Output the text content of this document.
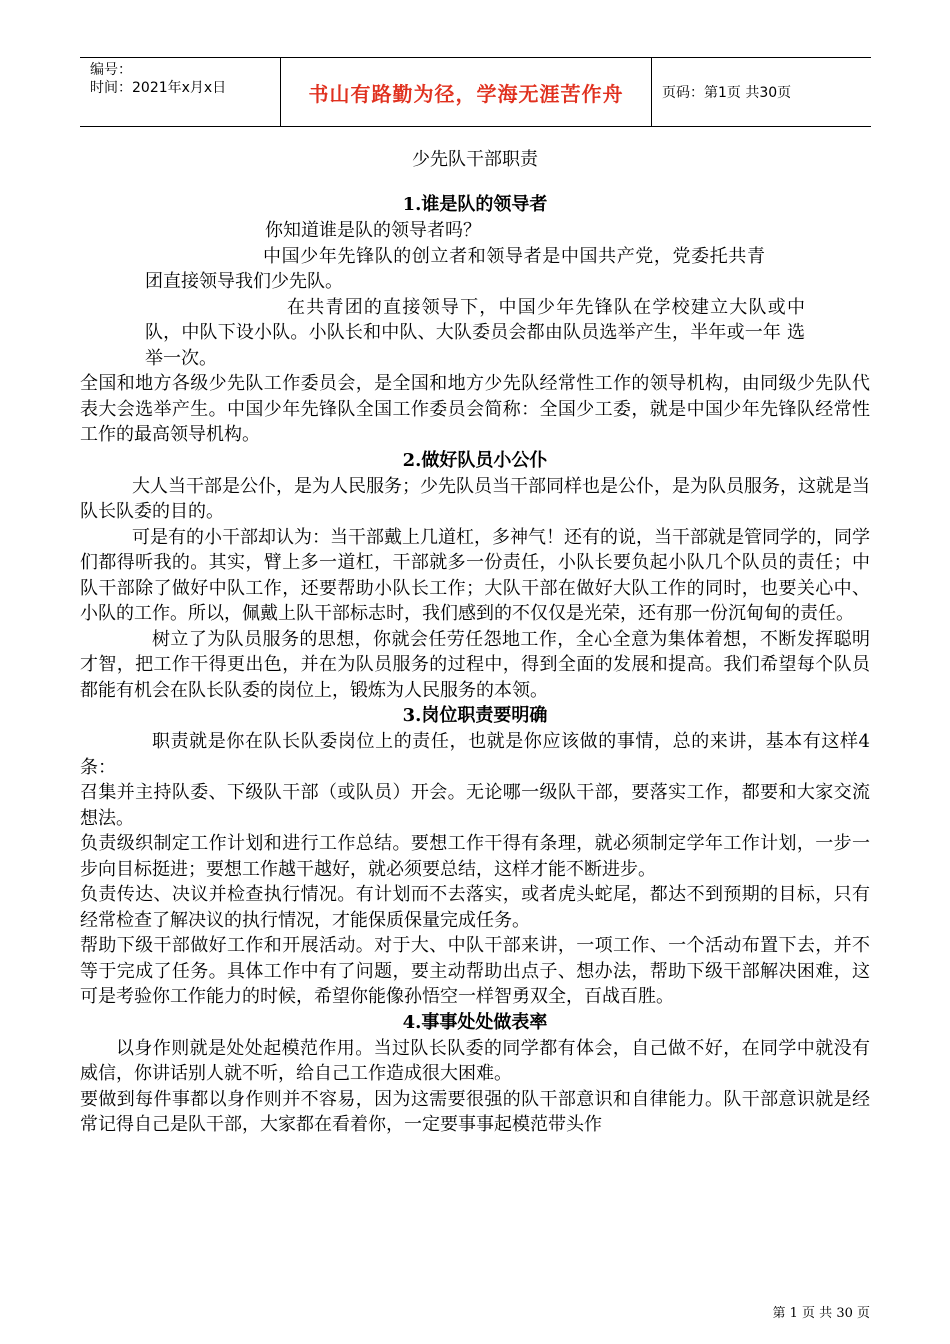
编号：
时间：2021年x月x日	书山有路勤为径，学海无涯苦作舟	页码：第1页 共30页
少先队干部职责
1.谁是队的领导者

你知道谁是队的领导者吗？

中国少年先锋队的创立者和领导者是中国共产党，党委托共青团直接领导我们少先队。

在共青团的直接领导下，中国少年先锋队在学校建立大队或中队，中队下设小队。小队长和中队、大队委员会都由队员选举产生，半年或一年 选举一次。

全国和地方各级少先队工作委员会，是全国和地方少先队经常性工作的领导机构，由同级少先队代表大会选举产生。中国少年先锋队全国工作委员会简称：全国少工委，就是中国少年先锋队经常性工作的最高领导机构。

2.做好队员小公仆

大人当干部是公仆，是为人民服务；少先队员当干部同样也是公仆，是为队员服务，这就是当队长队委的目的。

可是有的小干部却认为：当干部戴上几道杠，多神气！还有的说，当干部就是管同学的，同学们都得听我的。其实，臂上多一道杠，干部就多一份责任，小队长要负起小队几个队员的责任；中队干部除了做好中队工作，还要帮助小队长工作；大队干部在做好大队工作的同时，也要关心中、小队的工作。所以，佩戴上队干部标志时，我们感到的不仅仅是光荣，还有那一份沉甸甸的责任。

树立了为队员服务的思想，你就会任劳任怨地工作，全心全意为集体着想，不断发挥聪明才智，把工作干得更出色，并在为队员服务的过程中，得到全面的发展和提高。我们希望每个队员都能有机会在队长队委的岗位上，锻炼为人民服务的本领。

3.岗位职责要明确

职责就是你在队长队委岗位上的责任，也就是你应该做的事情，总的来讲，基本有这样4条：

召集并主持队委、下级队干部（或队员）开会。无论哪一级队干部，要落实工作，都要和大家交流想法。

负责级织制定工作计划和进行工作总结。要想工作干得有条理，就必须制定学年工作计划，一步一步向目标挺进；要想工作越干越好，就必须要总结，这样才能不断进步。

负责传达、决议并检查执行情况。有计划而不去落实，或者虎头蛇尾，都达不到预期的目标，只有经常检查了解决议的执行情况，才能保质保量完成任务。

帮助下级干部做好工作和开展活动。对于大、中队干部来讲，一项工作、一个活动布置下去，并不等于完成了任务。具体工作中有了问题，要主动帮助出点子、想办法，帮助下级干部解决困难，这可是考验你工作能力的时候，希望你能像孙悟空一样智勇双全，百战百胜。

4.事事处处做表率

以身作则就是处处起模范作用。当过队长队委的同学都有体会，自己做不好，在同学中就没有威信，你讲话别人就不听，给自己工作造成很大困难。

要做到每件事都以身作则并不容易，因为这需要很强的队干部意识和自律能力。队干部意识就是经常记得自己是队干部，大家都在看着你，一定要事事起模范带头作

第 1 页 共 30 页
